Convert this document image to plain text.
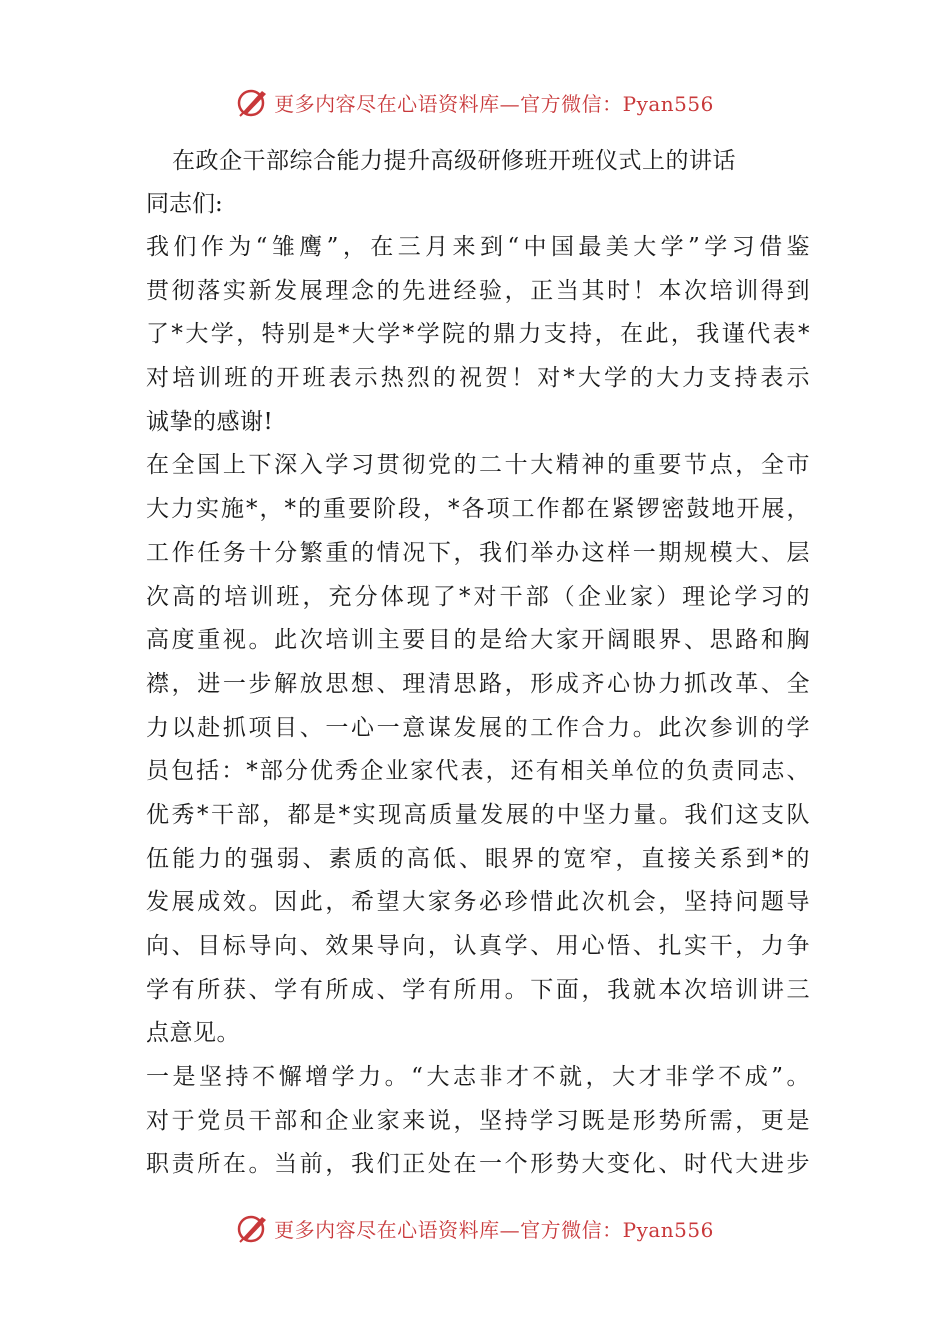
更多内容尽在心语资料库—官方微信：Pyan556
在政企干部综合能力提升高级研修班开班仪式上的讲话
同志们:
我们作为“雏鹰”，在三月来到“中国最美大学”学习借鉴
贯彻落实新发展理念的先进经验，正当其时！本次培训得到
了*大学，特别是*大学*学院的鼎力支持，在此，我谨代表*
对培训班的开班表示热烈的祝贺！对*大学的大力支持表示
诚挚的感谢!
在全国上下深入学习贯彻党的二十大精神的重要节点，全市
大力实施*，*的重要阶段，*各项工作都在紧锣密鼓地开展，
工作任务十分繁重的情况下，我们举办这样一期规模大、层
次高的培训班，充分体现了*对干部（企业家）理论学习的
高度重视。此次培训主要目的是给大家开阔眼界、思路和胸
襟，进一步解放思想、理清思路，形成齐心协力抓改革、全
力以赴抓项目、一心一意谋发展的工作合力。此次参训的学
员包括：*部分优秀企业家代表，还有相关单位的负责同志、
优秀*干部，都是*实现高质量发展的中坚力量。我们这支队
伍能力的强弱、素质的高低、眼界的宽窄，直接关系到*的
发展成效。因此，希望大家务必珍惜此次机会，坚持问题导
向、目标导向、效果导向，认真学、用心悟、扎实干，力争
学有所获、学有所成、学有所用。下面，我就本次培训讲三
点意见。
一是坚持不懈增学力。“大志非才不就，大才非学不成”。
对于党员干部和企业家来说，坚持学习既是形势所需，更是
职责所在。当前，我们正处在一个形势大变化、时代大进步
更多内容尽在心语资料库—官方微信：Pyan556
